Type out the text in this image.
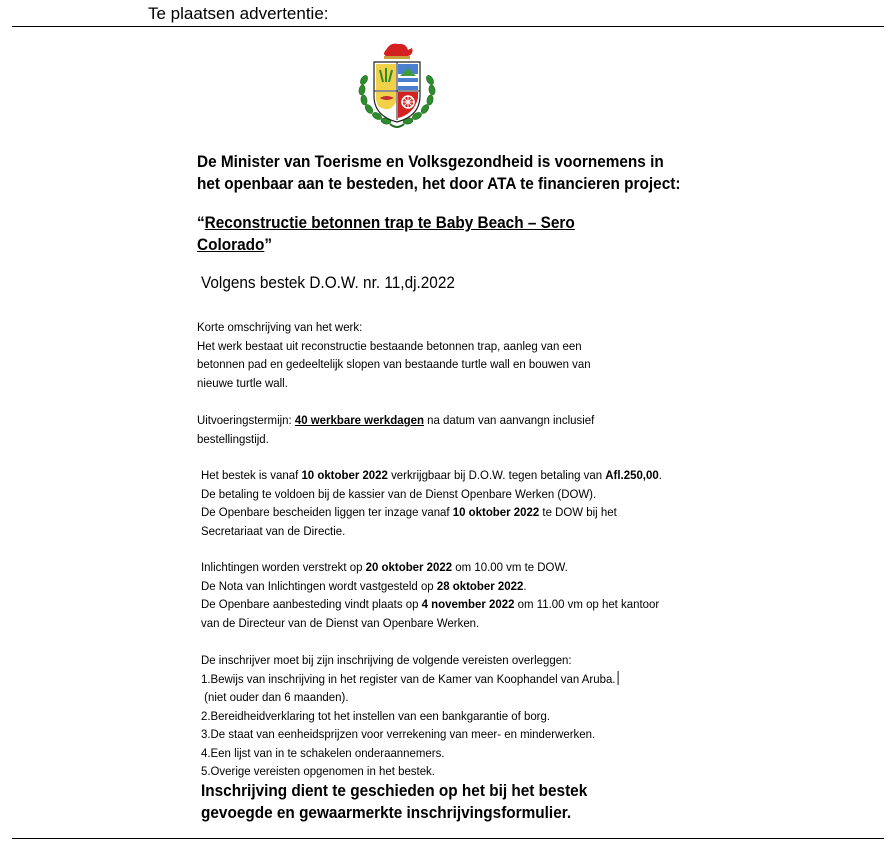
Te plaatsen advertentie:
De Minister van Toerisme en Volksgezondheid is voornemens in
het openbaar aan te besteden, het door ATA te financieren project:
“Reconstructie betonnen trap te Baby Beach – Sero
Colorado”
Volgens bestek D.O.W. nr. 11,dj.2022
Korte omschrijving van het werk:
Het werk bestaat uit reconstructie bestaande betonnen trap, aanleg van een
betonnen pad en gedeeltelijk slopen van bestaande turtle wall en bouwen van
nieuwe turtle wall.
Uitvoeringstermijn: 40 werkbare werkdagen na datum van aanvangn inclusief
bestellingstijd.
Het bestek is vanaf 10 oktober 2022 verkrijgbaar bij D.O.W. tegen betaling van Afl.250,00.
De betaling te voldoen bij de kassier van de Dienst Openbare Werken (DOW).
De Openbare bescheiden liggen ter inzage vanaf 10 oktober 2022 te DOW bij het
Secretariaat van de Directie.
Inlichtingen worden verstrekt op 20 oktober 2022 om 10.00 vm te DOW.
De Nota van Inlichtingen wordt vastgesteld op 28 oktober 2022.
De Openbare aanbesteding vindt plaats op 4 november 2022 om 11.00 vm op het kantoor
van de Directeur van de Dienst van Openbare Werken.
De inschrijver moet bij zijn inschrijving de volgende vereisten overleggen:
1.Bewijs van inschrijving in het register van de Kamer van Koophandel van Aruba.
(niet ouder dan 6 maanden).
2.Bereidheidverklaring tot het instellen van een bankgarantie of borg.
3.De staat van eenheidsprijzen voor verrekening van meer- en minderwerken.
4.Een lijst van in te schakelen onderaannemers.
5.Overige vereisten opgenomen in het bestek.
Inschrijving dient te geschieden op het bij het bestek
gevoegde en gewaarmerkte inschrijvingsformulier.
